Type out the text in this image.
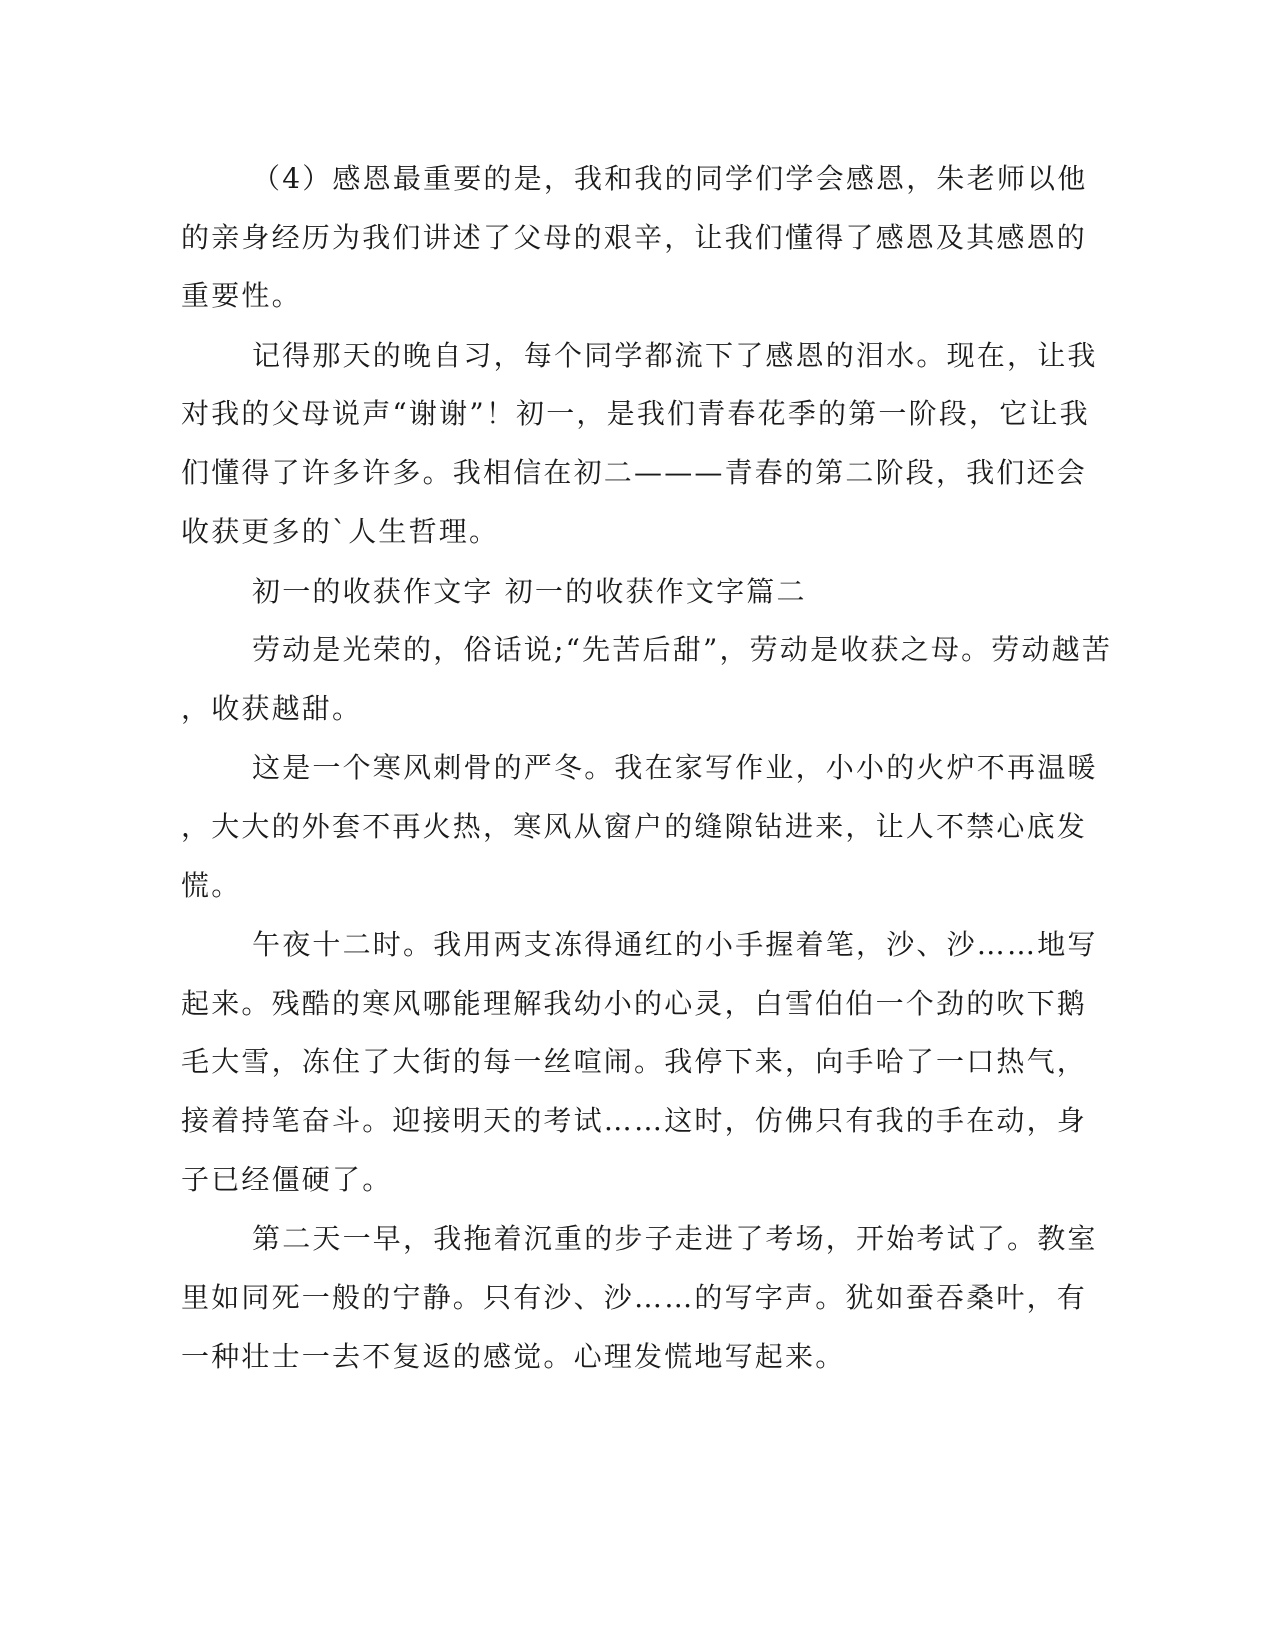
（4）感恩最重要的是，我和我的同学们学会感恩，朱老师以他
的亲身经历为我们讲述了父母的艰辛，让我们懂得了感恩及其感恩的
重要性。
记得那天的晚自习，每个同学都流下了感恩的泪水。现在，让我
对我的父母说声“谢谢”！初一，是我们青春花季的第一阶段，它让我
们懂得了许多许多。我相信在初二———青春的第二阶段，我们还会
收获更多的`人生哲理。
初一的收获作文字 初一的收获作文字篇二
劳动是光荣的，俗话说;“先苦后甜”，劳动是收获之母。劳动越苦
，收获越甜。
这是一个寒风刺骨的严冬。我在家写作业，小小的火炉不再温暖
，大大的外套不再火热，寒风从窗户的缝隙钻进来，让人不禁心底发
慌。
午夜十二时。我用两支冻得通红的小手握着笔，沙、沙……地写
起来。残酷的寒风哪能理解我幼小的心灵，白雪伯伯一个劲的吹下鹅
毛大雪，冻住了大街的每一丝喧闹。我停下来，向手哈了一口热气，
接着持笔奋斗。迎接明天的考试……这时，仿佛只有我的手在动，身
子已经僵硬了。
第二天一早，我拖着沉重的步子走进了考场，开始考试了。教室
里如同死一般的宁静。只有沙、沙……的写字声。犹如蚕吞桑叶，有
一种壮士一去不复返的感觉。心理发慌地写起来。
